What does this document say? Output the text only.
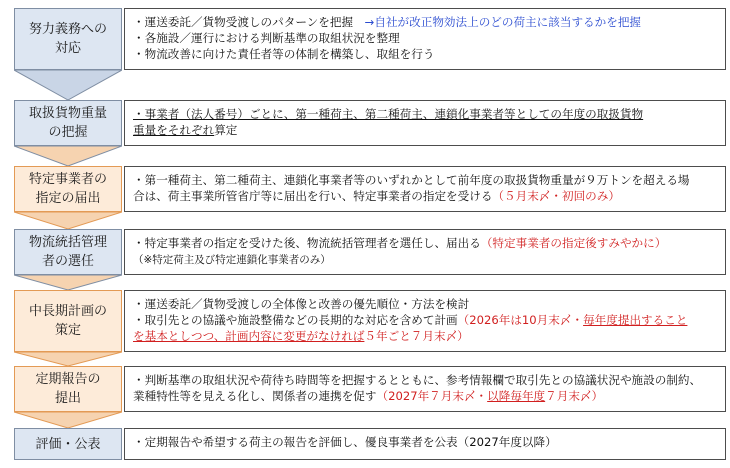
努力義務への
対応

・運送委託／貨物受渡しのパターンを把握　→自社が改正物効法上のどの荷主に該当するかを把握

・各施設／運行における判断基準の取組状況を整理

・物流改善に向けた責任者等の体制を構築し、取組を行う

取扱貨物重量
の把握

・事業者（法人番号）ごとに、第一種荷主、第二種荷主、連鎖化事業者等としての年度の取扱貨物

重量をそれぞれ算定

特定事業者の
指定の届出

・第一種荷主、第二種荷主、連鎖化事業者等のいずれかとして前年度の取扱貨物重量が９万トンを超える場

合は、荷主事業所管省庁等に届出を行い、特定事業者の指定を受ける（５月末〆・初回のみ）

物流統括管理
者の選任

・特定事業者の指定を受けた後、物流統括管理者を選任し、届出る（特定事業者の指定後すみやかに）

（※特定荷主及び特定連鎖化事業者のみ）

中長期計画の
策定

・運送委託／貨物受渡しの全体像と改善の優先順位・方法を検討

・取引先との協議や施設整備などの長期的な対応を含めて計画（2026年は10月末〆・毎年度提出すること

を基本としつつ、計画内容に変更がなければ５年ごと７月末〆）

定期報告の
提出

・判断基準の取組状況や荷待ち時間等を把握するとともに、参考情報欄で取引先との協議状況や施設の制約、

業種特性等を見える化し、関係者の連携を促す（2027年７月末〆・以降毎年度７月末〆）

評価・公表	・定期報告や希望する荷主の報告を評価し、優良事業者を公表（2027年度以降）
